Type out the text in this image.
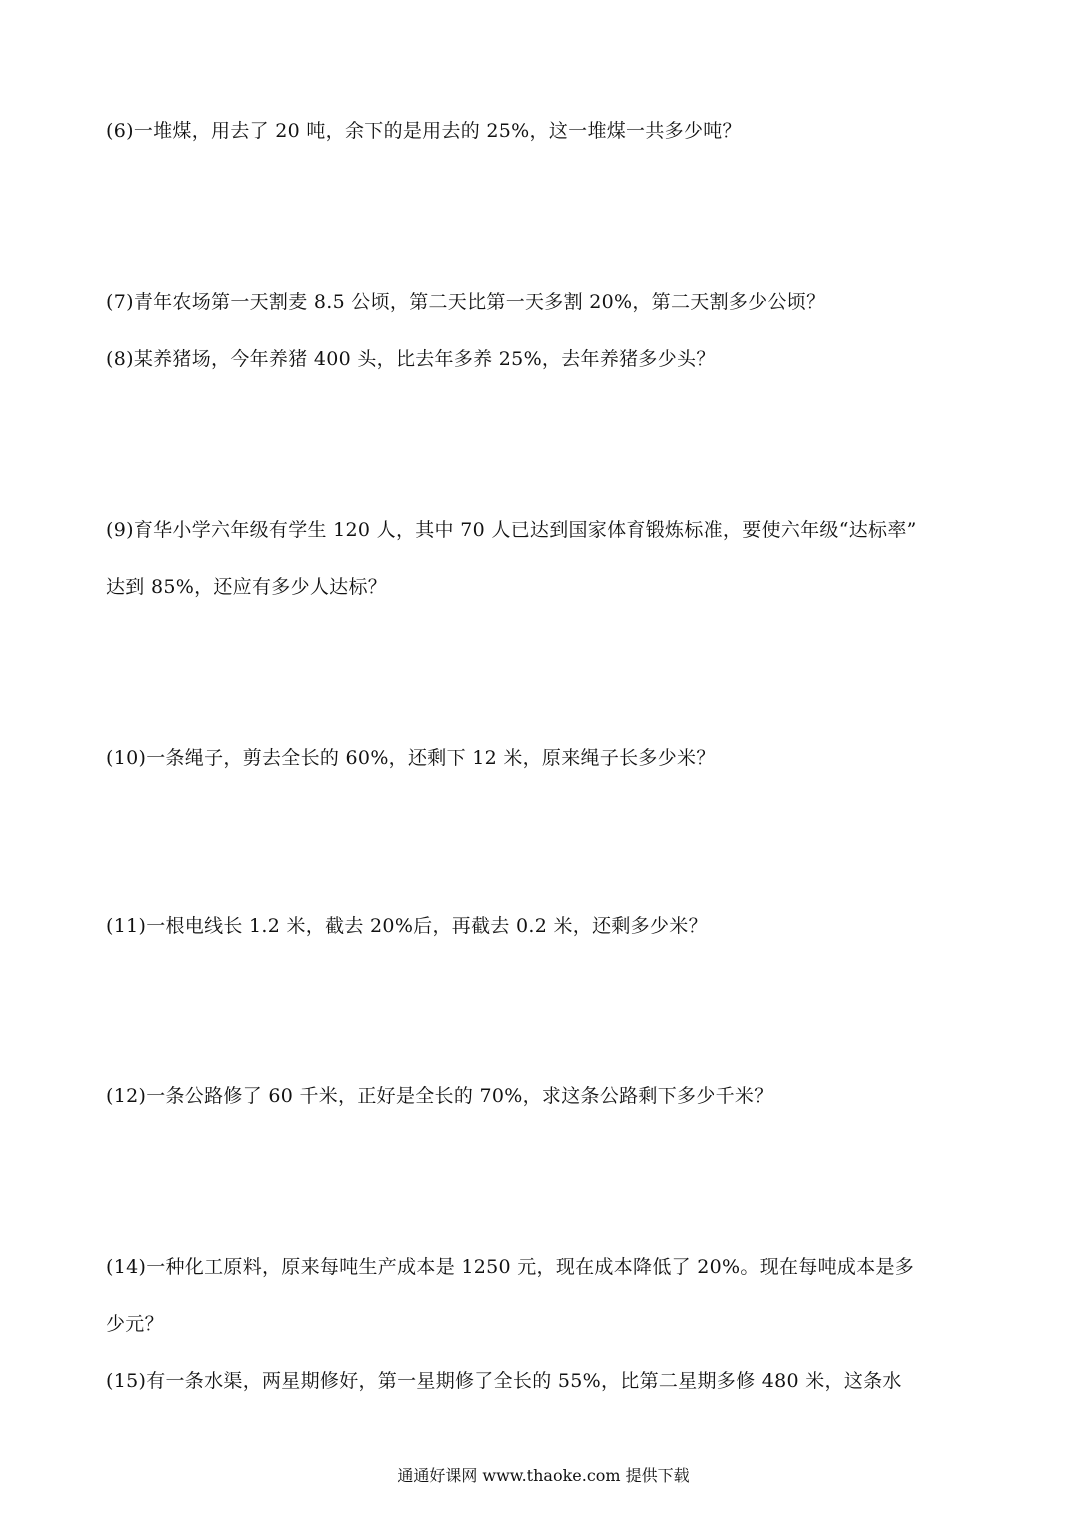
(6)一堆煤，用去了 20 吨，余下的是用去的 25%，这一堆煤一共多少吨？
(7)青年农场第一天割麦 8.5 公顷，第二天比第一天多割 20%，第二天割多少公顷？
(8)某养猪场，今年养猪 400 头，比去年多养 25%，去年养猪多少头？
(9)育华小学六年级有学生 120 人，其中 70 人已达到国家体育锻炼标准，要使六年级“达标率”
达到 85%，还应有多少人达标？
(10)一条绳子，剪去全长的 60%，还剩下 12 米，原来绳子长多少米？
(11)一根电线长 1.2 米，截去 20%后，再截去 0.2 米，还剩多少米？
(12)一条公路修了 60 千米，正好是全长的 70%，求这条公路剩下多少千米？
(14)一种化工原料，原来每吨生产成本是 1250 元，现在成本降低了 20%。现在每吨成本是多
少元？
(15)有一条水渠，两星期修好，第一星期修了全长的 55%，比第二星期多修 480 米，这条水
通通好课网 www.thaoke.com 提供下载
